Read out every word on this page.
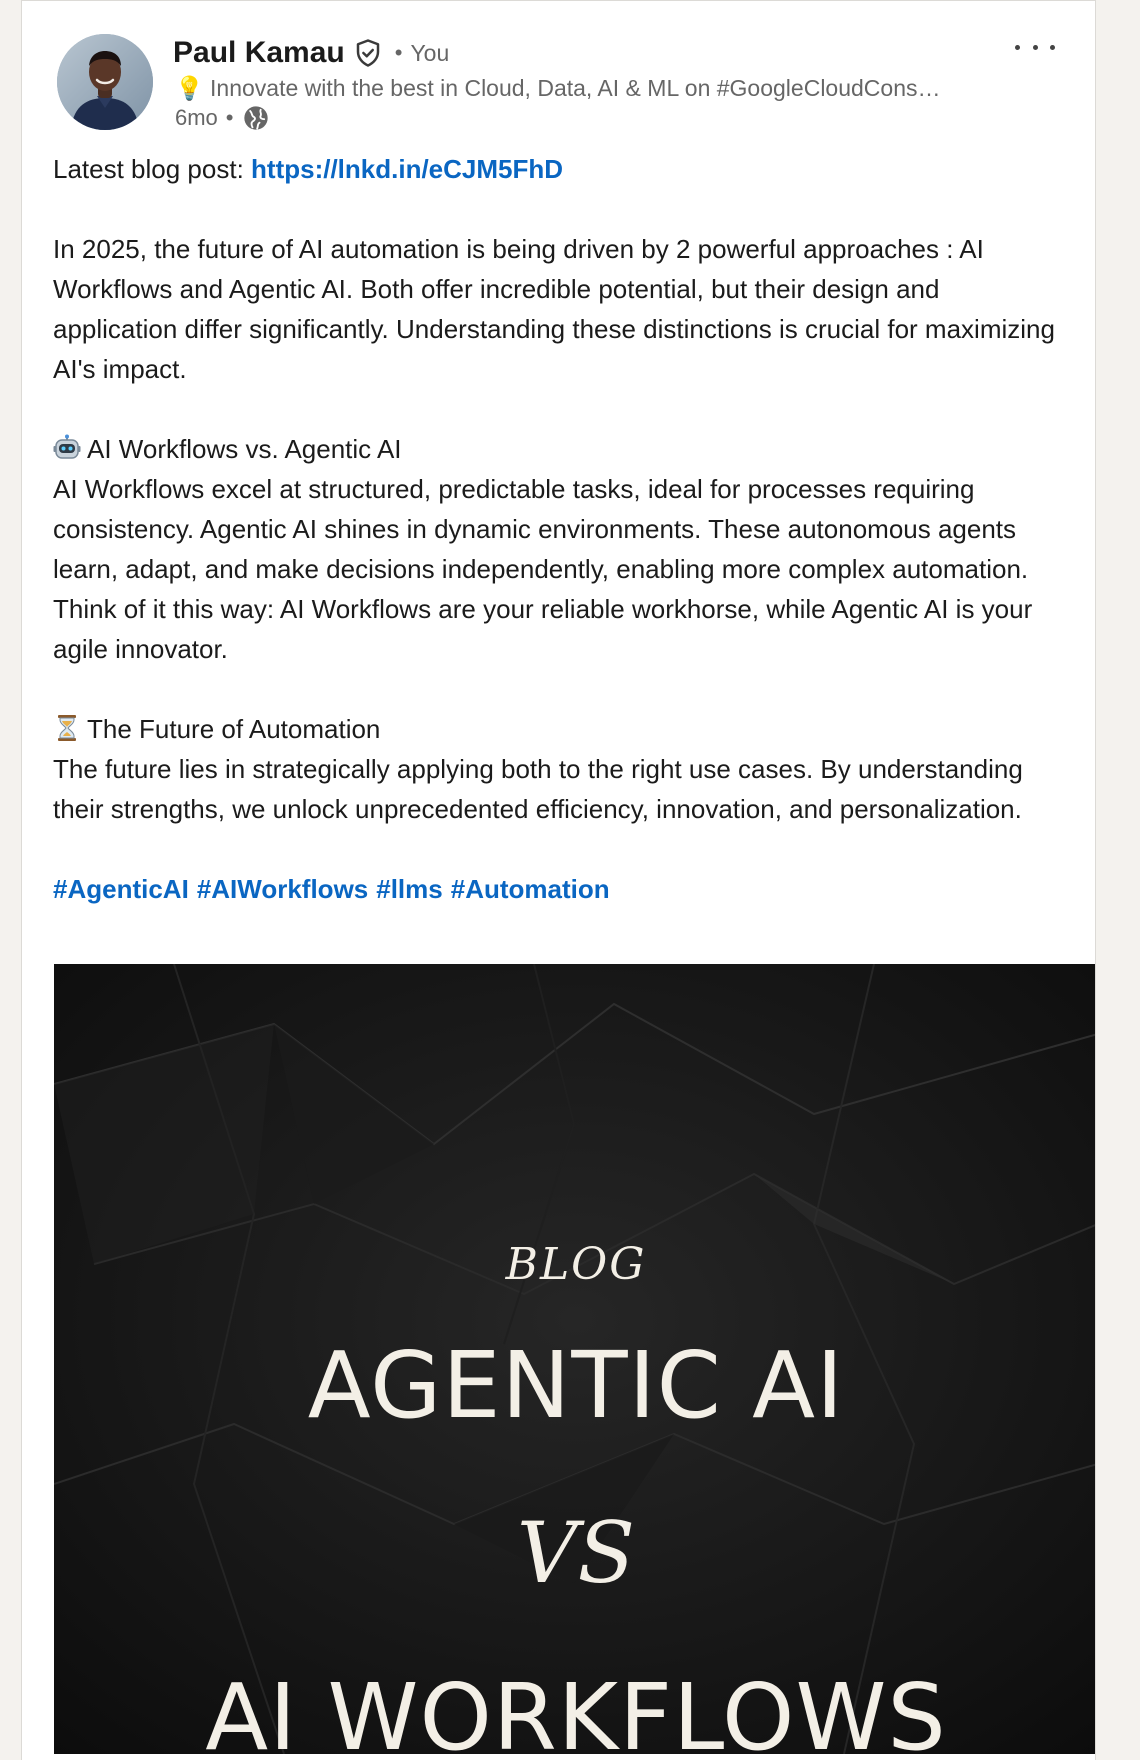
Paul Kamau • You
💡 Innovate with the best in Cloud, Data, AI & ML on #GoogleCloudCons…
6mo •

Latest blog post: https://lnkd.in/eCJM5FhD

In 2025, the future of AI automation is being driven by 2 powerful approaches : AI Workflows and Agentic AI. Both offer incredible potential, but their design and application differ significantly. Understanding these distinctions is crucial for maximizing AI's impact.

AI Workflows vs. Agentic AI

AI Workflows excel at structured, predictable tasks, ideal for processes requiring consistency. Agentic AI shines in dynamic environments. These autonomous agents learn, adapt, and make decisions independently, enabling more complex automation. Think of it this way: AI Workflows are your reliable workhorse, while Agentic AI is your agile innovator.

The Future of Automation

The future lies in strategically applying both to the right use cases. By understanding their strengths, we unlock unprecedented efficiency, innovation, and personalization.

#AgenticAI #AIWorkflows #llms #Automation

BLOG
AGENTIC AI
VS
AI WORKFLOWS
